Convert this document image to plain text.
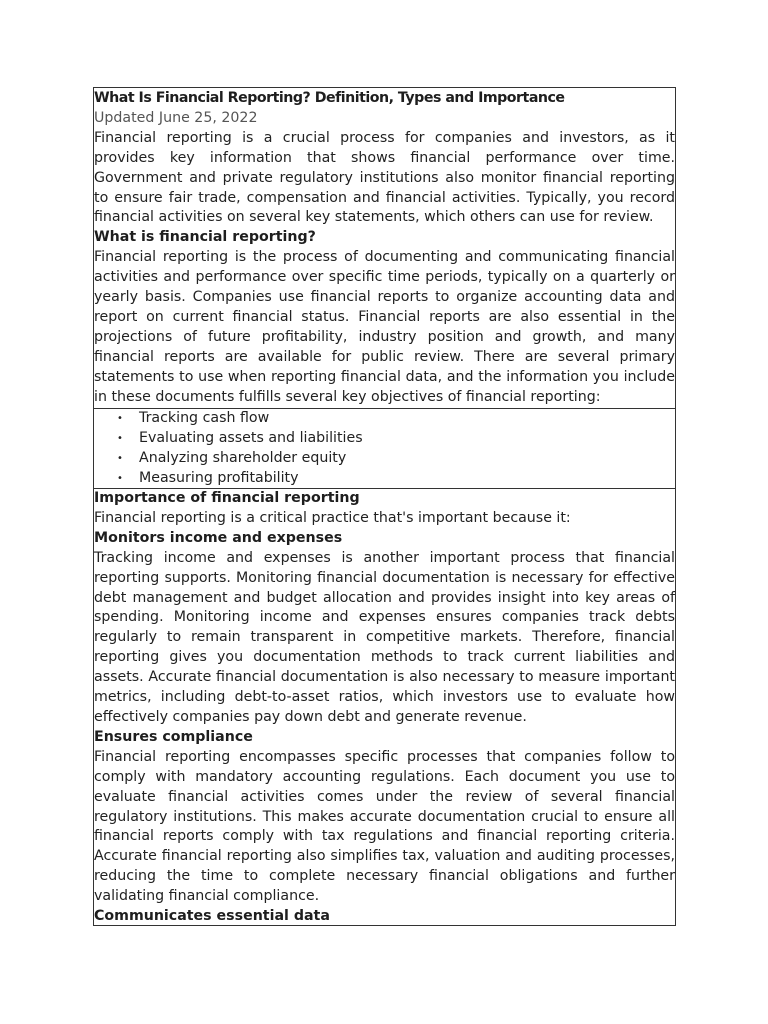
What Is Financial Reporting? Definition, Types and Importance
Updated June 25, 2022

Financial reporting is a crucial process for companies and investors, as it provides key information that shows financial performance over time. Government and private regulatory institutions also monitor financial reporting to ensure fair trade, compensation and financial activities. Typically, you record financial activities on several key statements, which others can use for review.

What is financial reporting?

Financial reporting is the process of documenting and communicating financial activities and performance over specific time periods, typically on a quarterly or yearly basis. Companies use financial reports to organize accounting data and report on current financial status. Financial reports are also essential in the projections of future profitability, industry position and growth, and many financial reports are available for public review. There are several primary statements to use when reporting financial data, and the information you include in these documents fulfills several key objectives of financial reporting:

• Tracking cash flow
• Evaluating assets and liabilities
• Analyzing shareholder equity
• Measuring profitability
Importance of financial reporting

Financial reporting is a critical practice that's important because it:

Monitors income and expenses

Tracking income and expenses is another important process that financial reporting supports. Monitoring financial documentation is necessary for effective debt management and budget allocation and provides insight into key areas of spending. Monitoring income and expenses ensures companies track debts regularly to remain transparent in competitive markets. Therefore, financial reporting gives you documentation methods to track current liabilities and assets. Accurate financial documentation is also necessary to measure important metrics, including debt-to-asset ratios, which investors use to evaluate how effectively companies pay down debt and generate revenue.

Ensures compliance

Financial reporting encompasses specific processes that companies follow to comply with mandatory accounting regulations. Each document you use to evaluate financial activities comes under the review of several financial regulatory institutions. This makes accurate documentation crucial to ensure all financial reports comply with tax regulations and financial reporting criteria. Accurate financial reporting also simplifies tax, valuation and auditing processes, reducing the time to complete necessary financial obligations and further validating financial compliance.

Communicates essential data
